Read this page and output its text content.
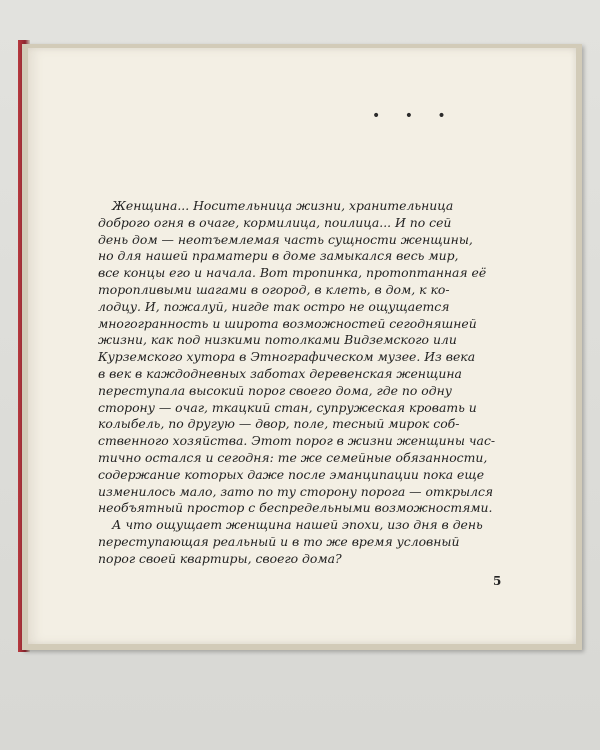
• • •
Женщина... Носительница жизни, хранительница
доброго огня в очаге, кормилица, поилица... И по сей
день дом — неотъемлемая часть сущности женщины,
но для нашей праматери в доме замыкался весь мир,
все концы его и начала. Вот тропинка, протоптанная её
торопливыми шагами в огород, в клеть, в дом, к ко-
лодцу. И, пожалуй, нигде так остро не ощущается
многогранность и широта возможностей сегодняшней
жизни, как под низкими потолками Видземского или
Курземского хутора в Этнографическом музее. Из века
в век в каждодневных заботах деревенская женщина
переступала высокий порог своего дома, где по одну
сторону — очаг, ткацкий стан, супружеская кровать и
колыбель, по другую — двор, поле, тесный мирок соб-
ственного хозяйства. Этот порог в жизни женщины час-
тично остался и сегодня: те же семейные обязанности,
содержание которых даже после эманципации пока еще
изменилось мало, зато по ту сторону порога — открылся
необъятный простор с беспредельными возможностями.
А что ощущает женщина нашей эпохи, изо дня в день
переступающая реальный и в то же время условный
порог своей квартиры, своего дома?
5
